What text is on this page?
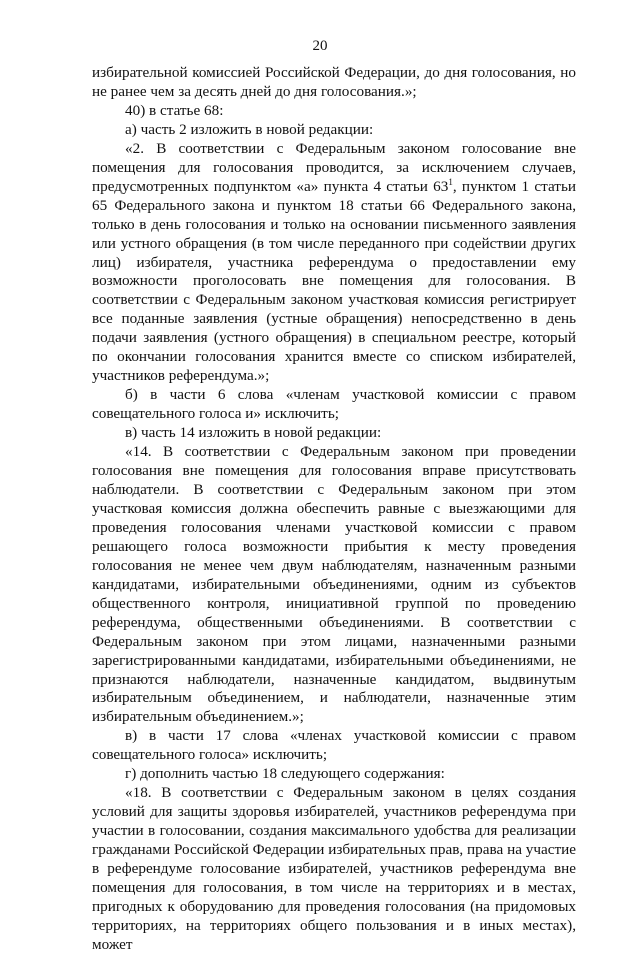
20

избирательной комиссией Российской Федерации, до дня голосования, но не ранее чем за десять дней до дня голосования.»;

40) в статье 68:

а) часть 2 изложить в новой редакции:

«2. В соответствии с Федеральным законом голосование вне помещения для голосования проводится, за исключением случаев, предусмотренных подпунктом «а» пункта 4 статьи $63^1$, пунктом 1 статьи 65 Федерального закона и пунктом 18 статьи 66 Федерального закона, только в день голосования и только на основании письменного заявления или устного обращения (в том числе переданного при содействии других лиц) избирателя, участника референдума о предоставлении ему возможности проголосовать вне помещения для голосования. В соответствии с Федеральным законом участковая комиссия регистрирует все поданные заявления (устные обращения) непосредственно в день подачи заявления (устного обращения) в специальном реестре, который по окончании голосования хранится вместе со списком избирателей, участников референдума.»;

б) в части 6 слова «членам участковой комиссии с правом совещательного голоса и» исключить;

в) часть 14 изложить в новой редакции:

«14. В соответствии с Федеральным законом при проведении голосования вне помещения для голосования вправе присутствовать наблюдатели. В соответствии с Федеральным законом при этом участковая комиссия должна обеспечить равные с выезжающими для проведения голосования членами участковой комиссии с правом решающего голоса возможности прибытия к месту проведения голосования не менее чем двум наблюдателям, назначенным разными кандидатами, избирательными объединениями, одним из субъектов общественного контроля, инициативной группой по проведению референдума, общественными объединениями. В соответствии с Федеральным законом при этом лицами, назначенными разными зарегистрированными кандидатами, избирательными объединениями, не признаются наблюдатели, назначенные кандидатом, выдвинутым избирательным объединением, и наблюдатели, назначенные этим избирательным объединением.»;

в) в части 17 слова «членах участковой комиссии с правом совещательного голоса» исключить;

г) дополнить частью 18 следующего содержания:

«18. В соответствии с Федеральным законом в целях создания условий для защиты здоровья избирателей, участников референдума при участии в голосовании, создания максимального удобства для реализации гражданами Российской Федерации избирательных прав, права на участие в референдуме голосование избирателей, участников референдума вне помещения для голосования, в том числе на территориях и в местах, пригодных к оборудованию для проведения голосования (на придомовых территориях, на территориях общего пользования и в иных местах), может
